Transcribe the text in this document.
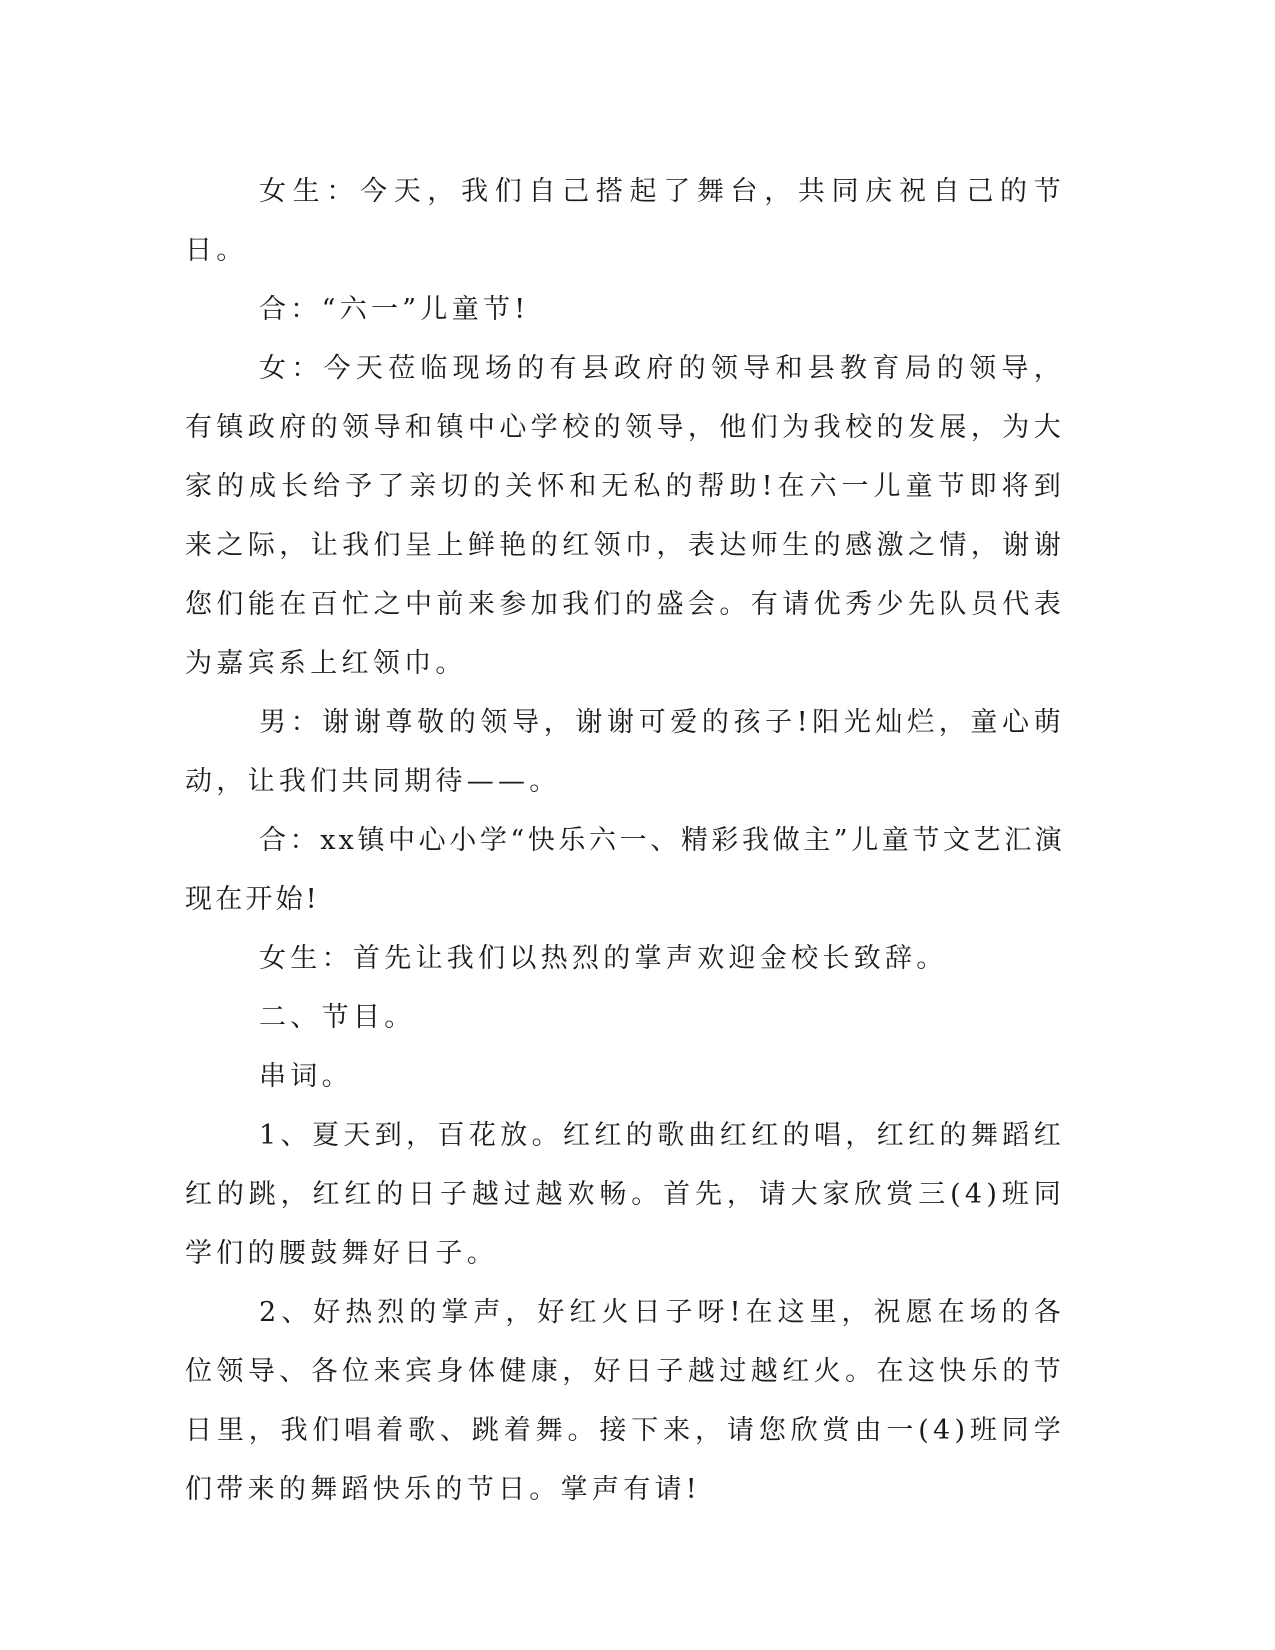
女生：今天，我们自己搭起了舞台，共同庆祝自己的节日。

合：“六一”儿童节!

女：今天莅临现场的有县政府的领导和县教育局的领导，有镇政府的领导和镇中心学校的领导，他们为我校的发展，为大家的成长给予了亲切的关怀和无私的帮助!在六一儿童节即将到来之际，让我们呈上鲜艳的红领巾，表达师生的感激之情，谢谢您们能在百忙之中前来参加我们的盛会。有请优秀少先队员代表为嘉宾系上红领巾。

男：谢谢尊敬的领导，谢谢可爱的孩子!阳光灿烂，童心萌动，让我们共同期待——。

合：xx镇中心小学“快乐六一、精彩我做主”儿童节文艺汇演现在开始!

女生：首先让我们以热烈的掌声欢迎金校长致辞。

二、节目。

串词。

1、夏天到，百花放。红红的歌曲红红的唱，红红的舞蹈红红的跳，红红的日子越过越欢畅。首先，请大家欣赏三(4)班同学们的腰鼓舞好日子。

2、好热烈的掌声，好红火日子呀!在这里，祝愿在场的各位领导、各位来宾身体健康，好日子越过越红火。在这快乐的节日里，我们唱着歌、跳着舞。接下来，请您欣赏由一(4)班同学们带来的舞蹈快乐的节日。掌声有请!
